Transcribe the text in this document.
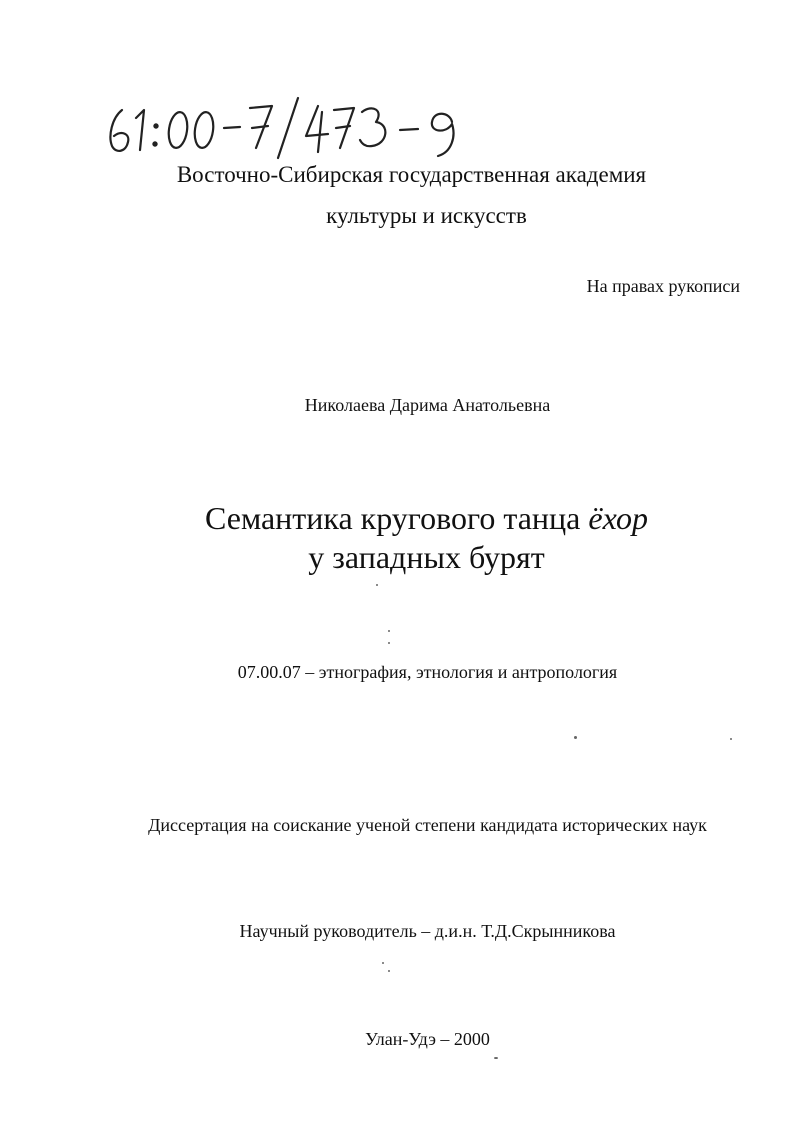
Восточно-Сибирская государственная академия

культуры и искусств

На правах рукописи

Николаева Дарима Анатольевна

Семантика кругового танца ёхор

у западных бурят

07.00.07 – этнография, этнология и антропология

Диссертация на соискание ученой степени кандидата исторических наук

Научный руководитель – д.и.н. Т.Д.Скрынникова

Улан-Удэ – 2000
